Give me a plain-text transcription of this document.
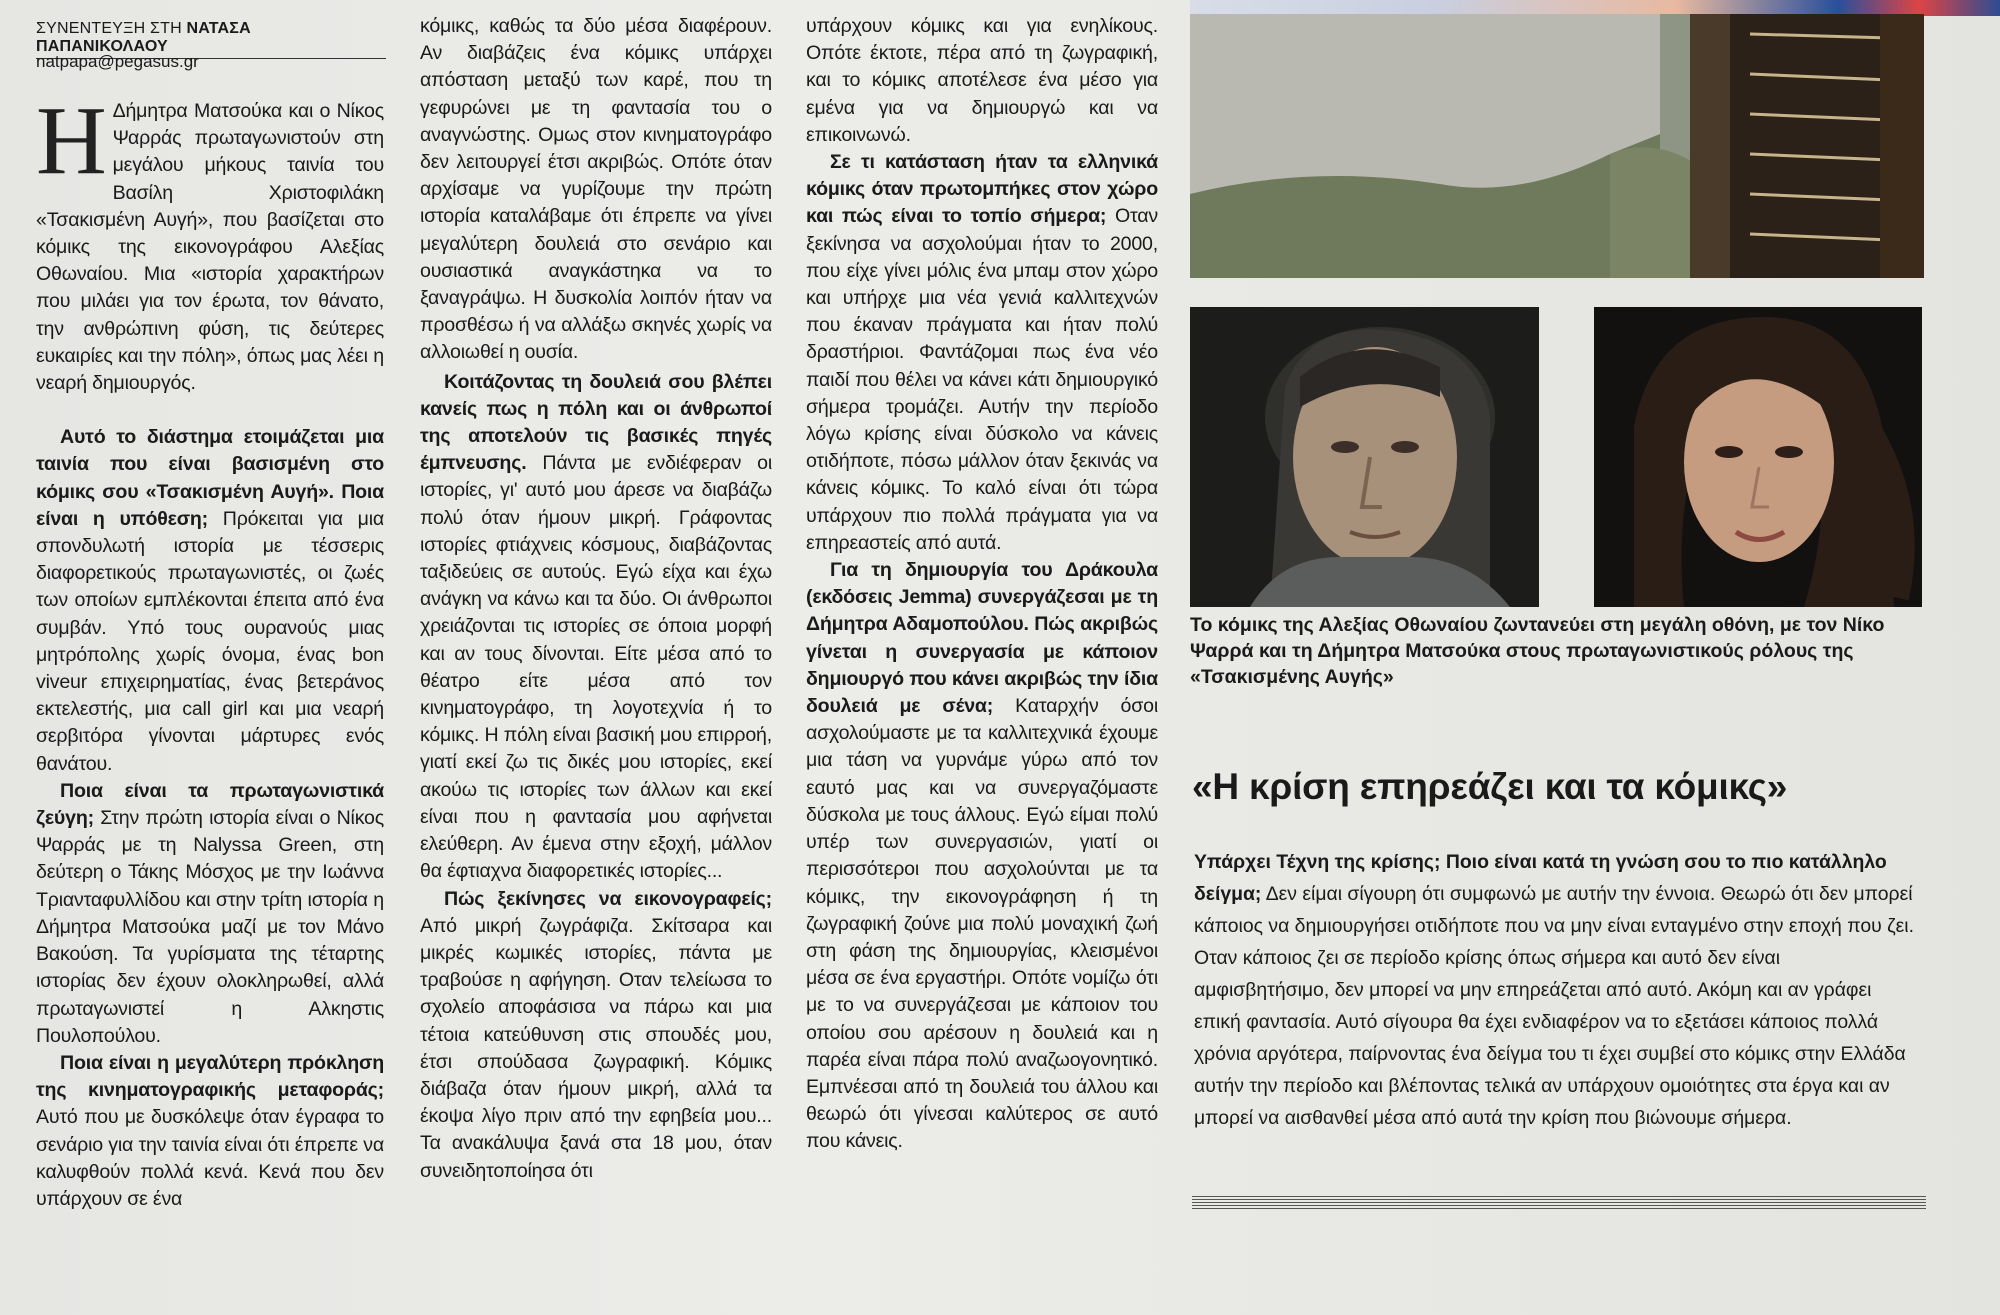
ΣΥΝΕΝΤΕΥΞΗ ΣΤΗ ΝΑΤΑΣΑ ΠΑΠΑΝΙΚΟΛΑΟΥ
natpapa@pegasus.gr

Η Δήμητρα Ματσούκα και ο Νίκος Ψαρράς πρωταγωνιστούν στη μεγάλου μήκους ταινία του Βασίλη Χριστοφιλάκη «Τσακισμένη Αυγή», που βασίζεται στο κόμικς της εικονογράφου Αλεξίας Οθωναίου. Μια «ιστορία χαρακτήρων που μιλάει για τον έρωτα, τον θάνατο, την ανθρώπινη φύση, τις δεύτερες ευκαιρίες και την πόλη», όπως μας λέει η νεαρή δημιουργός.

Αυτό το διάστημα ετοιμάζεται μια ταινία που είναι βασισμένη στο κόμικς σου «Τσακισμένη Αυγή». Ποια είναι η υπόθεση; Πρόκειται για μια σπονδυλωτή ιστορία με τέσσερις διαφορετικούς πρωταγωνιστές, οι ζωές των οποίων εμπλέκονται έπειτα από ένα συμβάν. Υπό τους ουρανούς μιας μητρόπολης χωρίς όνομα, ένας bon viveur επιχειρηματίας, ένας βετεράνος εκτελεστής, μια call girl και μια νεαρή σερβιτόρα γίνονται μάρτυρες ενός θανάτου.

Ποια είναι τα πρωταγωνιστικά ζεύγη; Στην πρώτη ιστορία είναι ο Νίκος Ψαρράς με τη Nalyssa Green, στη δεύτερη ο Τάκης Μόσχος με την Ιωάννα Τριανταφυλλίδου και στην τρίτη ιστορία η Δήμητρα Ματσούκα μαζί με τον Μάνο Βακούση. Τα γυρίσματα της τέταρτης ιστορίας δεν έχουν ολοκληρωθεί, αλλά πρωταγωνιστεί η Αλκηστις Πουλοπούλου.

Ποια είναι η μεγαλύτερη πρόκληση της κινηματογραφικής μεταφοράς; Αυτό που με δυσκόλεψε όταν έγραφα το σενάριο για την ταινία είναι ότι έπρεπε να καλυφθούν πολλά κενά. Κενά που δεν υπάρχουν σε ένα

κόμικς, καθώς τα δύο μέσα διαφέρουν. Αν διαβάζεις ένα κόμικς υπάρχει απόσταση μεταξύ των καρέ, που τη γεφυρώνει με τη φαντασία του ο αναγνώστης. Ομως στον κινηματογράφο δεν λειτουργεί έτσι ακριβώς. Οπότε όταν αρχίσαμε να γυρίζουμε την πρώτη ιστορία καταλάβαμε ότι έπρεπε να γίνει μεγαλύτερη δουλειά στο σενάριο και ουσιαστικά αναγκάστηκα να το ξαναγράψω. Η δυσκολία λοιπόν ήταν να προσθέσω ή να αλλάξω σκηνές χωρίς να αλλοιωθεί η ουσία.

Κοιτάζοντας τη δουλειά σου βλέπει κανείς πως η πόλη και οι άνθρωποί της αποτελούν τις βασικές πηγές έμπνευσης. Πάντα με ενδιέφεραν οι ιστορίες, γι' αυτό μου άρεσε να διαβάζω πολύ όταν ήμουν μικρή. Γράφοντας ιστορίες φτιάχνεις κόσμους, διαβάζοντας ταξιδεύεις σε αυτούς. Εγώ είχα και έχω ανάγκη να κάνω και τα δύο. Οι άνθρωποι χρειάζονται τις ιστορίες σε όποια μορφή και αν τους δίνονται. Είτε μέσα από το θέατρο είτε μέσα από τον κινηματογράφο, τη λογοτεχνία ή το κόμικς. Η πόλη είναι βασική μου επιρροή, γιατί εκεί ζω τις δικές μου ιστορίες, εκεί ακούω τις ιστορίες των άλλων και εκεί είναι που η φαντασία μου αφήνεται ελεύθερη. Αν έμενα στην εξοχή, μάλλον θα έφτιαχνα διαφορετικές ιστορίες...

Πώς ξεκίνησες να εικονογραφείς; Από μικρή ζωγράφιζα. Σκίτσαρα και μικρές κωμικές ιστορίες, πάντα με τραβούσε η αφήγηση. Οταν τελείωσα το σχολείο αποφάσισα να πάρω και μια τέτοια κατεύθυνση στις σπουδές μου, έτσι σπούδασα ζωγραφική. Κόμικς διάβαζα όταν ήμουν μικρή, αλλά τα έκοψα λίγο πριν από την εφηβεία μου... Τα ανακάλυψα ξανά στα 18 μου, όταν συνειδητοποίησα ότι

υπάρχουν κόμικς και για ενηλίκους. Οπότε έκτοτε, πέρα από τη ζωγραφική, και το κόμικς αποτέλεσε ένα μέσο για εμένα για να δημιουργώ και να επικοινωνώ.

Σε τι κατάσταση ήταν τα ελληνικά κόμικς όταν πρωτομπήκες στον χώρο και πώς είναι το τοπίο σήμερα; Οταν ξεκίνησα να ασχολούμαι ήταν το 2000, που είχε γίνει μόλις ένα μπαμ στον χώρο και υπήρχε μια νέα γενιά καλλιτεχνών που έκαναν πράγματα και ήταν πολύ δραστήριοι. Φαντάζομαι πως ένα νέο παιδί που θέλει να κάνει κάτι δημιουργικό σήμερα τρομάζει. Αυτήν την περίοδο λόγω κρίσης είναι δύσκολο να κάνεις οτιδήποτε, πόσω μάλλον όταν ξεκινάς να κάνεις κόμικς. Το καλό είναι ότι τώρα υπάρχουν πιο πολλά πράγματα για να επηρεαστείς από αυτά.

Για τη δημιουργία του Δράκουλα (εκδόσεις Jemma) συνεργάζεσαι με τη Δήμητρα Αδαμοπούλου. Πώς ακριβώς γίνεται η συνεργασία με κάποιον δημιουργό που κάνει ακριβώς την ίδια δουλειά με σένα; Καταρχήν όσοι ασχολούμαστε με τα καλλιτεχνικά έχουμε μια τάση να γυρνάμε γύρω από τον εαυτό μας και να συνεργαζόμαστε δύσκολα με τους άλλους. Εγώ είμαι πολύ υπέρ των συνεργασιών, γιατί οι περισσότεροι που ασχολούνται με τα κόμικς, την εικονογράφηση ή τη ζωγραφική ζούνε μια πολύ μοναχική ζωή στη φάση της δημιουργίας, κλεισμένοι μέσα σε ένα εργαστήρι. Οπότε νομίζω ότι με το να συνεργάζεσαι με κάποιον του οποίου σου αρέσουν η δουλειά και η παρέα είναι πάρα πολύ αναζωογονητικό. Εμπνέεσαι από τη δουλειά του άλλου και θεωρώ ότι γίνεσαι καλύτερος σε αυτό που κάνεις.

Το κόμικς της Αλεξίας Οθωναίου ζωντανεύει στη μεγάλη οθόνη, με τον Νίκο Ψαρρά και τη Δήμητρα Ματσούκα στους πρωταγωνιστικούς ρόλους της «Τσακισμένης Αυγής»
«Η κρίση επηρεάζει και τα κόμικς»

Υπάρχει Τέχνη της κρίσης; Ποιο είναι κατά τη γνώση σου το πιο κατάλληλο δείγμα; Δεν είμαι σίγουρη ότι συμφωνώ με αυτήν την έννοια. Θεωρώ ότι δεν μπορεί κάποιος να δημιουργήσει οτιδήποτε που να μην είναι ενταγμένο στην εποχή που ζει. Οταν κάποιος ζει σε περίοδο κρίσης όπως σήμερα και αυτό δεν είναι αμφισβητήσιμο, δεν μπορεί να μην επηρεάζεται από αυτό. Ακόμη και αν γράφει επική φαντασία. Αυτό σίγουρα θα έχει ενδιαφέρον να το εξετάσει κάποιος πολλά χρόνια αργότερα, παίρνοντας ένα δείγμα του τι έχει συμβεί στο κόμικς στην Ελλάδα αυτήν την περίοδο και βλέποντας τελικά αν υπάρχουν ομοιότητες στα έργα και αν μπορεί να αισθανθεί μέσα από αυτά την κρίση που βιώνουμε σήμερα.
